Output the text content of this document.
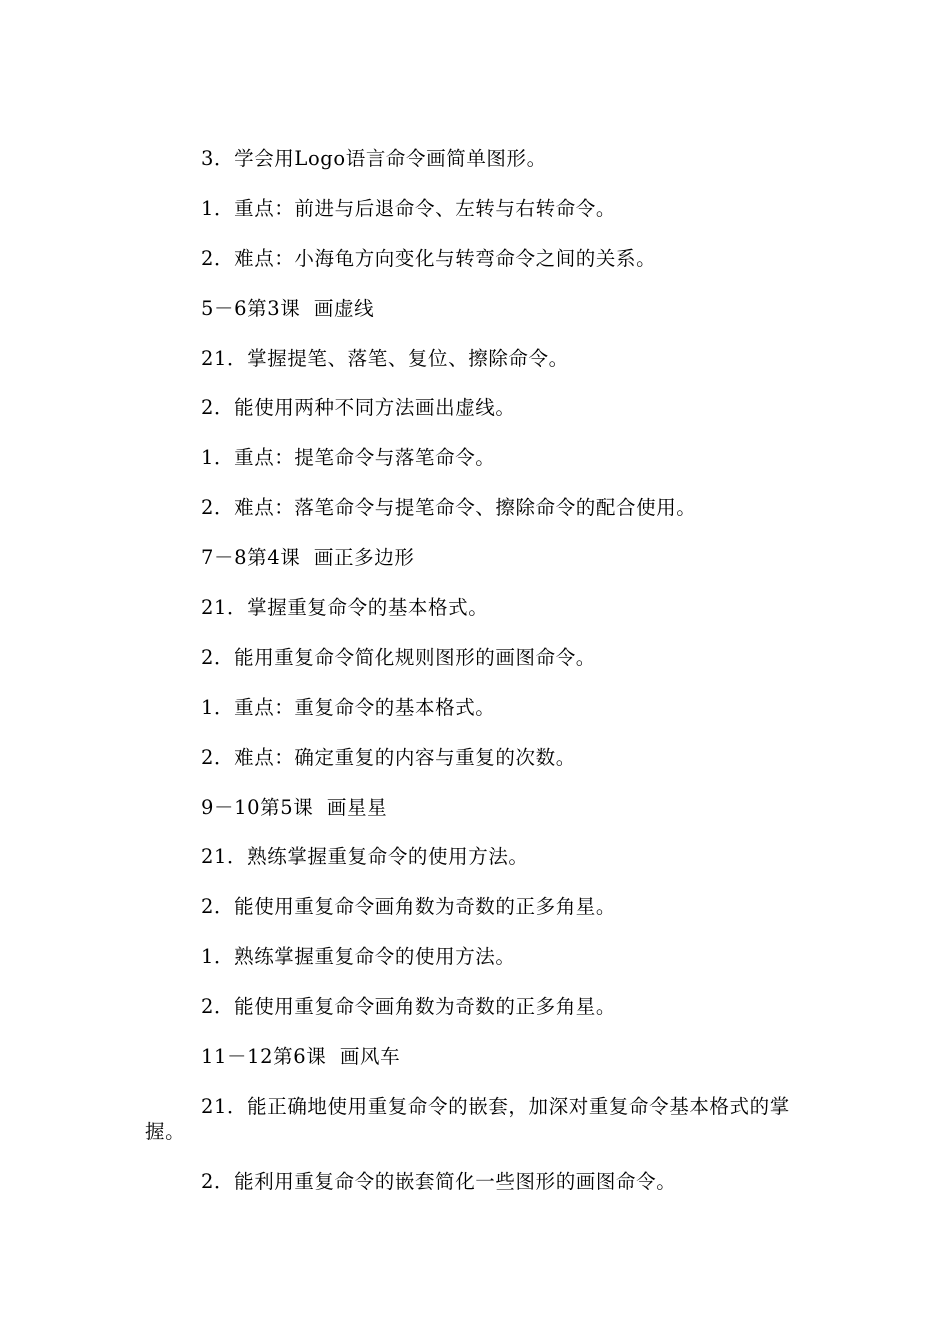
3．学会用Logo语言命令画简单图形。

1．重点：前进与后退命令、左转与右转命令。

2．难点：小海龟方向变化与转弯命令之间的关系。

5－6第3课  画虚线

21．掌握提笔、落笔、复位、擦除命令。

2．能使用两种不同方法画出虚线。

1．重点：提笔命令与落笔命令。

2．难点：落笔命令与提笔命令、擦除命令的配合使用。

7－8第4课  画正多边形

21．掌握重复命令的基本格式。

2．能用重复命令简化规则图形的画图命令。

1．重点：重复命令的基本格式。

2．难点：确定重复的内容与重复的次数。

9－10第5课  画星星

21．熟练掌握重复命令的使用方法。

2．能使用重复命令画角数为奇数的正多角星。

1．熟练掌握重复命令的使用方法。

2．能使用重复命令画角数为奇数的正多角星。

11－12第6课  画风车

21．能正确地使用重复命令的嵌套，加深对重复命令基本格式的掌握。

2．能利用重复命令的嵌套简化一些图形的画图命令。
